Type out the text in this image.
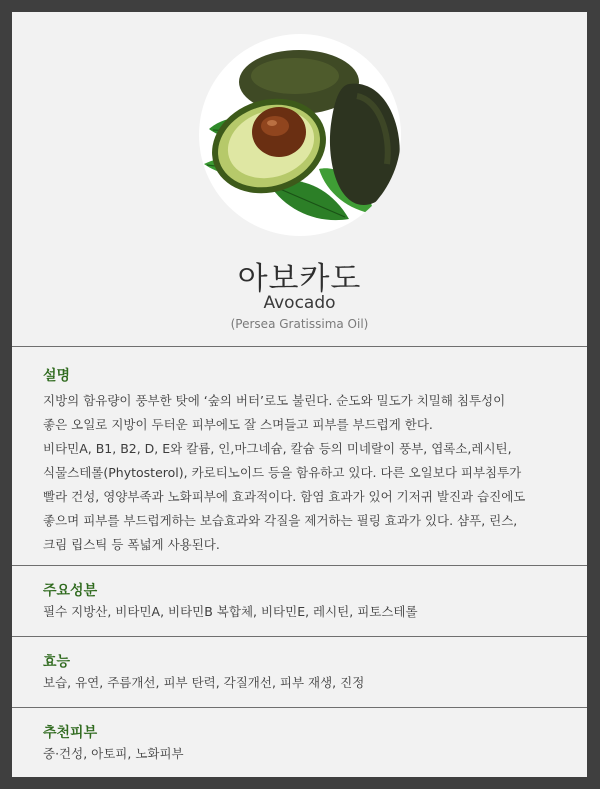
아보카도
Avocado
(Persea Gratissima Oil)
설명

지방의 함유량이 풍부한 탓에 ‘숲의 버터’로도 불린다. 순도와 밀도가 치밀해 침투성이

좋은 오일로 지방이 두터운 피부에도 잘 스며들고 피부를 부드럽게 한다.

비타민A, B1, B2, D, E와 칼륨, 인,마그네슘, 칼슘 등의 미네랄이 풍부, 엽록소,레시틴,

식물스테롤(Phytosterol), 카로티노이드 등을 함유하고 있다. 다른 오일보다 피부침투가

빨라 건성, 영양부족과 노화피부에 효과적이다. 함염 효과가 있어 기저귀 발진과 습진에도

좋으며 피부를 부드럽게하는 보습효과와 각질을 제거하는 필링 효과가 있다. 샴푸, 린스,

크림 립스틱 등 폭넓게 사용된다.

주요성분

필수 지방산, 비타민A, 비타민B 복합체, 비타민E, 레시틴, 피토스테롤

효능

보습, 유연, 주름개선, 피부 탄력, 각질개선, 피부 재생, 진정

추천피부

중·건성, 아토피, 노화피부
